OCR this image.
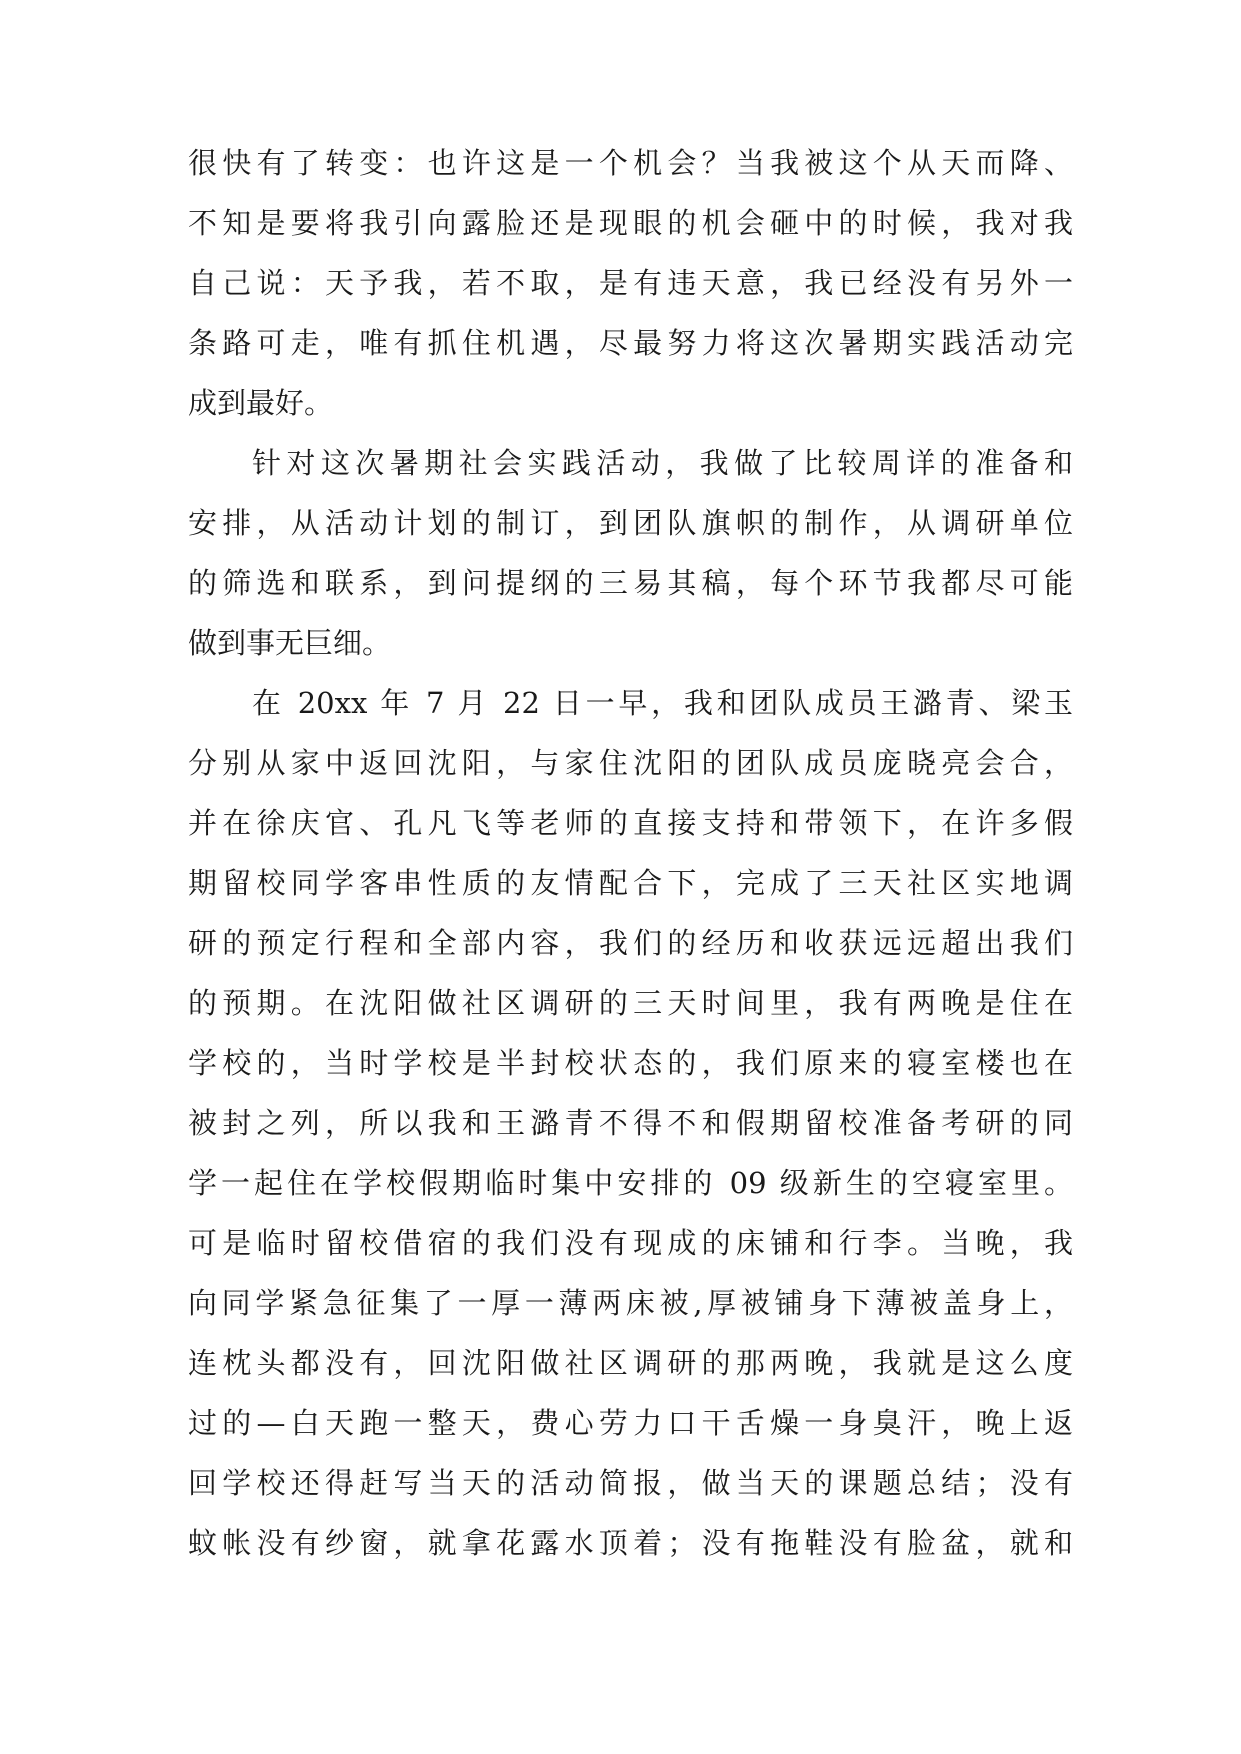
很快有了转变：也许这是一个机会？当我被这个从天而降、
不知是要将我引向露脸还是现眼的机会砸中的时候，我对我
自己说：天予我，若不取，是有违天意，我已经没有另外一
条路可走，唯有抓住机遇，尽最努力将这次暑期实践活动完
成到最好。
针对这次暑期社会实践活动，我做了比较周详的准备和
安排，从活动计划的制订，到团队旗帜的制作，从调研单位
的筛选和联系，到问提纲的三易其稿，每个环节我都尽可能
做到事无巨细。
在 20xx 年 7 月 22 日一早，我和团队成员王潞青、梁玉
分别从家中返回沈阳，与家住沈阳的团队成员庞晓亮会合，
并在徐庆官、孔凡飞等老师的直接支持和带领下，在许多假
期留校同学客串性质的友情配合下，完成了三天社区实地调
研的预定行程和全部内容，我们的经历和收获远远超出我们
的预期。在沈阳做社区调研的三天时间里，我有两晚是住在
学校的，当时学校是半封校状态的，我们原来的寝室楼也在
被封之列，所以我和王潞青不得不和假期留校准备考研的同
学一起住在学校假期临时集中安排的 09 级新生的空寝室里。
可是临时留校借宿的我们没有现成的床铺和行李。当晚，我
向同学紧急征集了一厚一薄两床被,厚被铺身下薄被盖身上，
连枕头都没有，回沈阳做社区调研的那两晚，我就是这么度
过的—白天跑一整天，费心劳力口干舌燥一身臭汗，晚上返
回学校还得赶写当天的活动简报，做当天的课题总结；没有
蚊帐没有纱窗，就拿花露水顶着；没有拖鞋没有脸盆，就和
